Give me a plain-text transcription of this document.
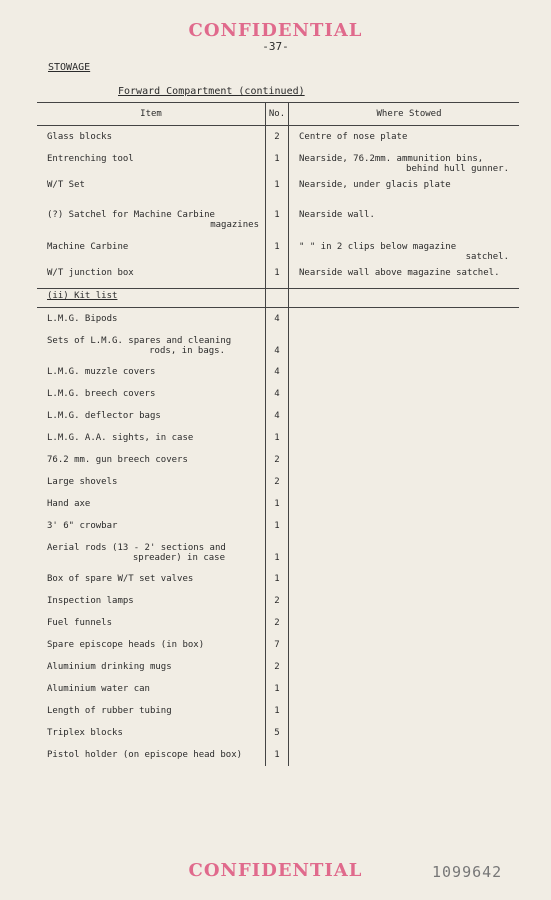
CONFIDENTIAL
-37-
STOWAGE
Forward Compartment (continued)
Item	No.	Where Stowed

Glass blocks	2	Centre of nose plate

Entrenching tool	1	Nearside, 76.2mm. ammunition bins,
behind hull gunner.

W/T Set	1	Nearside, under glacis plate

(?) Satchel for Machine Carbine
magazines	1	Nearside wall.

Machine Carbine	1	" " in 2 clips below magazine
satchel.

W/T junction box	1	Nearside wall above magazine satchel.

(ii) Kit list		

L.M.G. Bipods	4	

Sets of L.M.G. spares and cleaning
rods, in bags.	4	

L.M.G. muzzle covers	4	

L.M.G. breech covers	4	

L.M.G. deflector bags	4	

L.M.G. A.A. sights, in case	1	

76.2 mm. gun breech covers	2	

Large shovels	2	

Hand axe	1	

3' 6" crowbar	1	

Aerial rods (13 - 2' sections and
spreader) in case	1	

Box of spare W/T set valves	1	

Inspection lamps	2	

Fuel funnels	2	

Spare episcope heads (in box)	7	

Aluminium drinking mugs	2	

Aluminium water can	1	

Length of rubber tubing	1	

Triplex blocks	5	

Pistol holder (on episcope head box)	1	
CONFIDENTIAL	1099642
